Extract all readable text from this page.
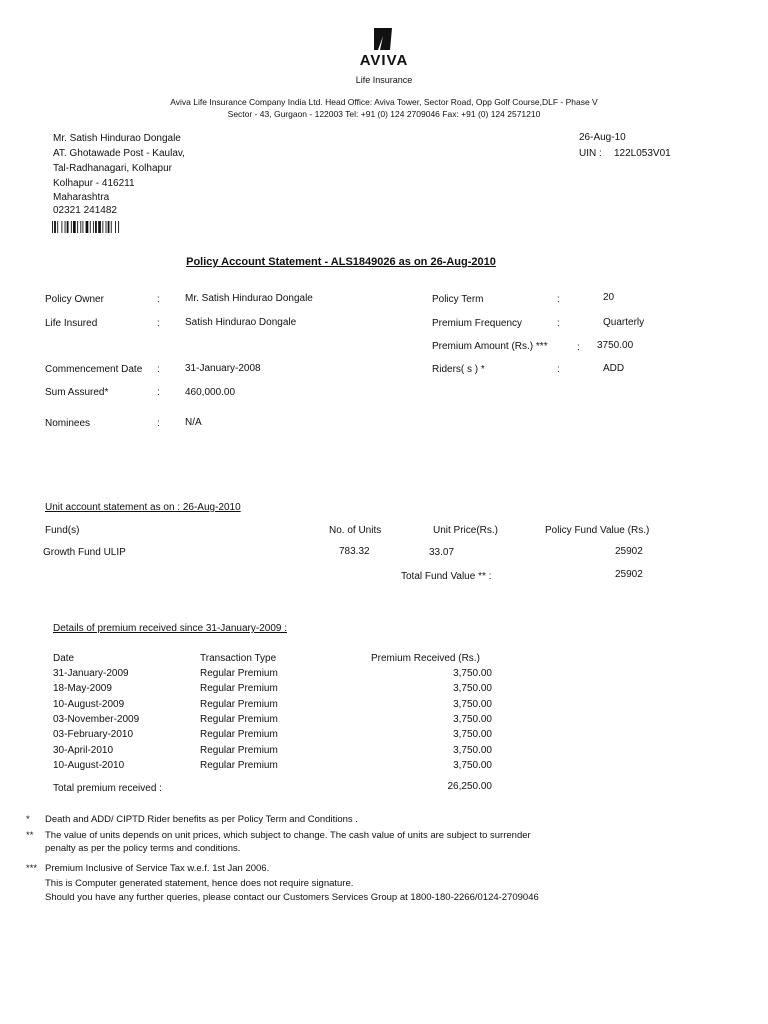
AVIVA
Life Insurance
Aviva Life Insurance Company India Ltd. Head Office: Aviva Tower, Sector Road, Opp Golf Course,DLF - Phase V
Sector - 43, Gurgaon - 122003 Tel: +91 (0) 124 2709046 Fax: +91 (0) 124 2571210
Mr. Satish Hindurao Dongale
AT. Ghotawade Post - Kaulav,
Tal-Radhanagari, Kolhapur
Kolhapur - 416211
Maharashtra
02321 241482
26-Aug-10
UIN : 122L053V01
Policy Account Statement - ALS1849026 as on 26-Aug-2010
Policy Owner	:	Mr. Satish Hindurao Dongale
Life Insured	:	Satish Hindurao Dongale
Commencement Date :	31-January-2008
Sum Assured*	:	460,000.00
Nominees	:	N/A
Policy Term	:	20
Premium Frequency	:	Quarterly
Premium Amount (Rs.) ***	: 3750.00
Riders( s ) *	:	ADD
Unit account statement as on : 26-Aug-2010
Fund(s)	No. of Units	Unit Price(Rs.)	Policy Fund Value (Rs.)
Growth Fund ULIP	783.32	33.07	25902
Total Fund Value ** :	25902
Details of premium received since 31-January-2009 :
Date	Transaction Type	Premium Received (Rs.)
31-January-2009	Regular Premium	3,750.00
18-May-2009	Regular Premium	3,750.00
10-August-2009	Regular Premium	3,750.00
03-November-2009	Regular Premium	3,750.00
03-February-2010	Regular Premium	3,750.00
30-April-2010	Regular Premium	3,750.00
10-August-2010	Regular Premium	3,750.00
Total premium received :	26,250.00
* Death and ADD/ CIPTD Rider benefits as per Policy Term and Conditions .
** The value of units depends on unit prices, which subject to change. The cash value of units are subject to surrender
penalty as per the policy terms and conditions.
*** Premium Inclusive of Service Tax w.e.f. 1st Jan 2006.
This is Computer generated statement, hence does not require signature.
Should you have any further queries, please contact our Customers Services Group at 1800-180-2266/0124-2709046
